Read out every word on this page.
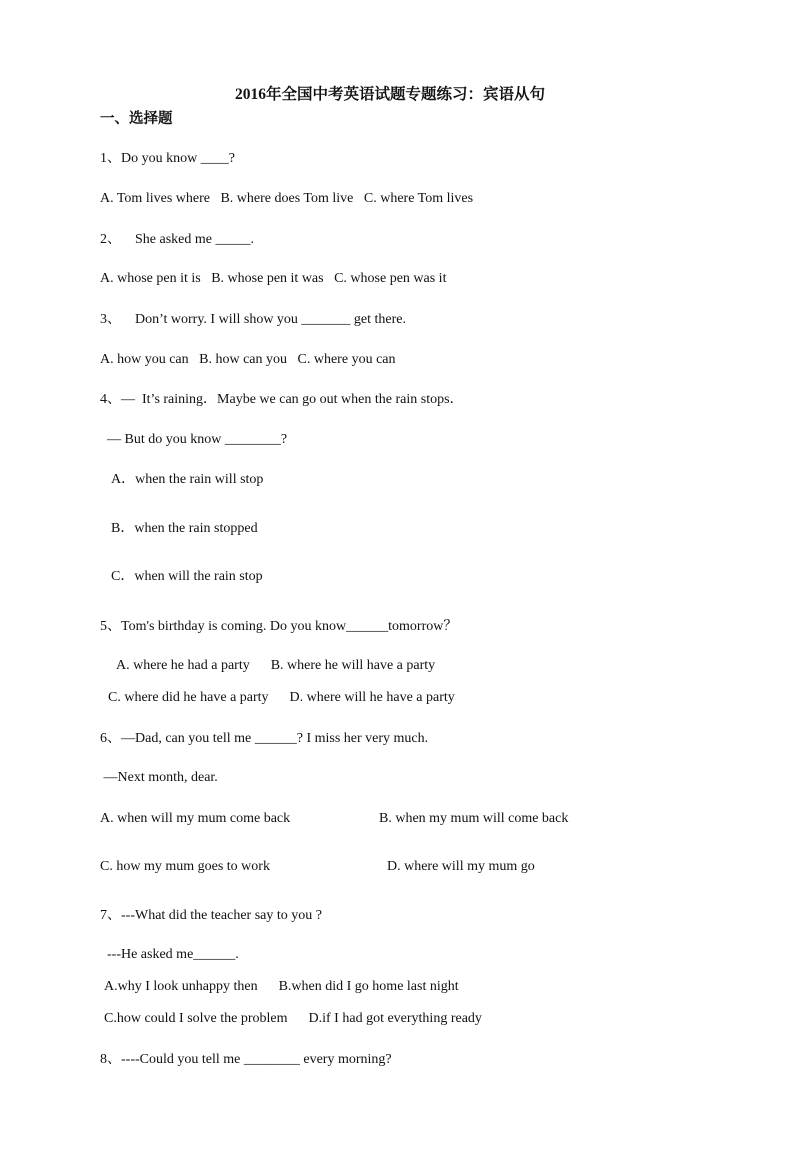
2016年全国中考英语试题专题练习：宾语从句
一、选择题
1、Do you know ____?
A. Tom lives where   B. where does Tom live   C. where Tom lives
2、    She asked me _____.
A. whose pen it is   B. whose pen it was   C. whose pen was it
3、    Don’t worry. I will show you _______ get there.
A. how you can   B. how can you   C. where you can
4、—  It’s raining．Maybe we can go out when the rain stops．
— But do you know ________?
A．when the rain will stop
B．when the rain stopped
C．when will the rain stop
5、Tom's birthday is coming. Do you know______tomorrow？
A. where he had a party      B. where he will have a party
C. where did he have a party      D. where will he have a party
6、—Dad, can you tell me ______? I miss her very much.
—Next month, dear.
A. when will my mum come back	B. when my mum will come back
C. how my mum goes to work	D. where will my mum go
7、---What did the teacher say to you ?
---He asked me______.
A.why I look unhappy then      B.when did I go home last night
C.how could I solve the problem      D.if I had got everything ready
8、----Could you tell me ________ every morning?
